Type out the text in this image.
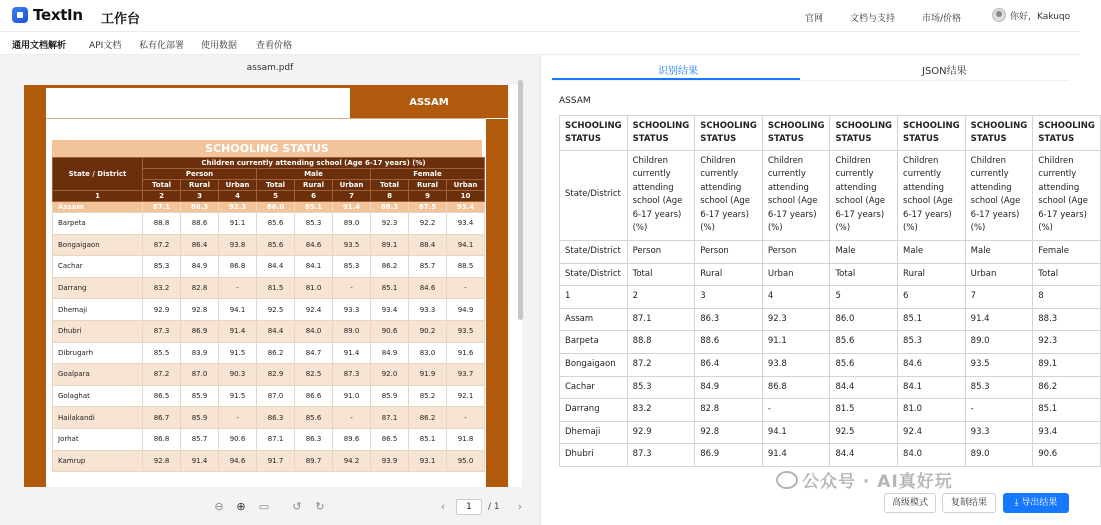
TextIn 工作台	官网	文档与支持	市场/价格	你好，Kakuqo
通用文档解析	API文档 私有化部署 使用数据 查看价格
assam.pdf
ASSAM
SCHOOLING STATUS
State / District	Children currently attending school (Age 6-17 years) (%)								
	Person			Male			Female		
	Total	Rural	Urban	Total	Rural	Urban	Total	Rural	Urban
1	2	3	4	5	6	7	8	9	10
Assam	87.1	86.3	92.3	86.0	85.1	91.4	88.3	87.5	93.4
Barpeta	88.8	88.6	91.1	85.6	85.3	89.0	92.3	92.2	93.4
Bongaigaon	87.2	86.4	93.8	85.6	84.6	93.5	89.1	88.4	94.1
Cachar	85.3	84.9	86.8	84.4	84.1	85.3	86.2	85.7	88.5
Darrang	83.2	82.8	-	81.5	81.0	-	85.1	84.6	-
Dhemaji	92.9	92.8	94.1	92.5	92.4	93.3	93.4	93.3	94.9
Dhubri	87.3	86.9	91.4	84.4	84.0	89.0	90.6	90.2	93.5
Dibrugarh	85.5	83.9	91.5	86.2	84.7	91.4	84.9	83.0	91.6
Goalpara	87.2	87.0	90.3	82.9	82.5	87.3	92.0	91.9	93.7
Golaghat	86.5	85.9	91.5	87.0	86.6	91.0	85.9	85.2	92.1
Hailakandi	86.7	85.9	-	86.3	85.6	-	87.1	86.2	-
Jorhat	86.8	85.7	90.6	87.1	86.3	89.6	86.5	85.1	91.8
Kamrup	92.8	91.4	94.6	91.7	89.7	94.2	93.9	93.1	95.0
⊖ ⊕ ▭ ↺ ↻	‹	›
1	/ 1
识别结果	JSON结果
ASSAM
SCHOOLING STATUS	SCHOOLING STATUS	SCHOOLING STATUS	SCHOOLING STATUS	SCHOOLING STATUS	SCHOOLING STATUS	SCHOOLING STATUS	SCHOOLING STATUS
State/District	Children currently attending school (Age 6-17 years) (%)	Children currently attending school (Age 6-17 years) (%)	Children currently attending school (Age 6-17 years) (%)	Children currently attending school (Age 6-17 years) (%)	Children currently attending school (Age 6-17 years) (%)	Children currently attending school (Age 6-17 years) (%)	Children currently attending school (Age 6-17 years) (%)
State/District	Person	Person	Person	Male	Male	Male	Female
State/District	Total	Rural	Urban	Total	Rural	Urban	Total
1	2	3	4	5	6	7	8
Assam	87.1	86.3	92.3	86.0	85.1	91.4	88.3
Barpeta	88.8	88.6	91.1	85.6	85.3	89.0	92.3
Bongaigaon	87.2	86.4	93.8	85.6	84.6	93.5	89.1
Cachar	85.3	84.9	86.8	84.4	84.1	85.3	86.2
Darrang	83.2	82.8	-	81.5	81.0	-	85.1
Dhemaji	92.9	92.8	94.1	92.5	92.4	93.3	93.4
Dhubri	87.3	86.9	91.4	84.4	84.0	89.0	90.6
高级模式	复制结果	⤓ 导出结果
公众号 · AI真好玩
